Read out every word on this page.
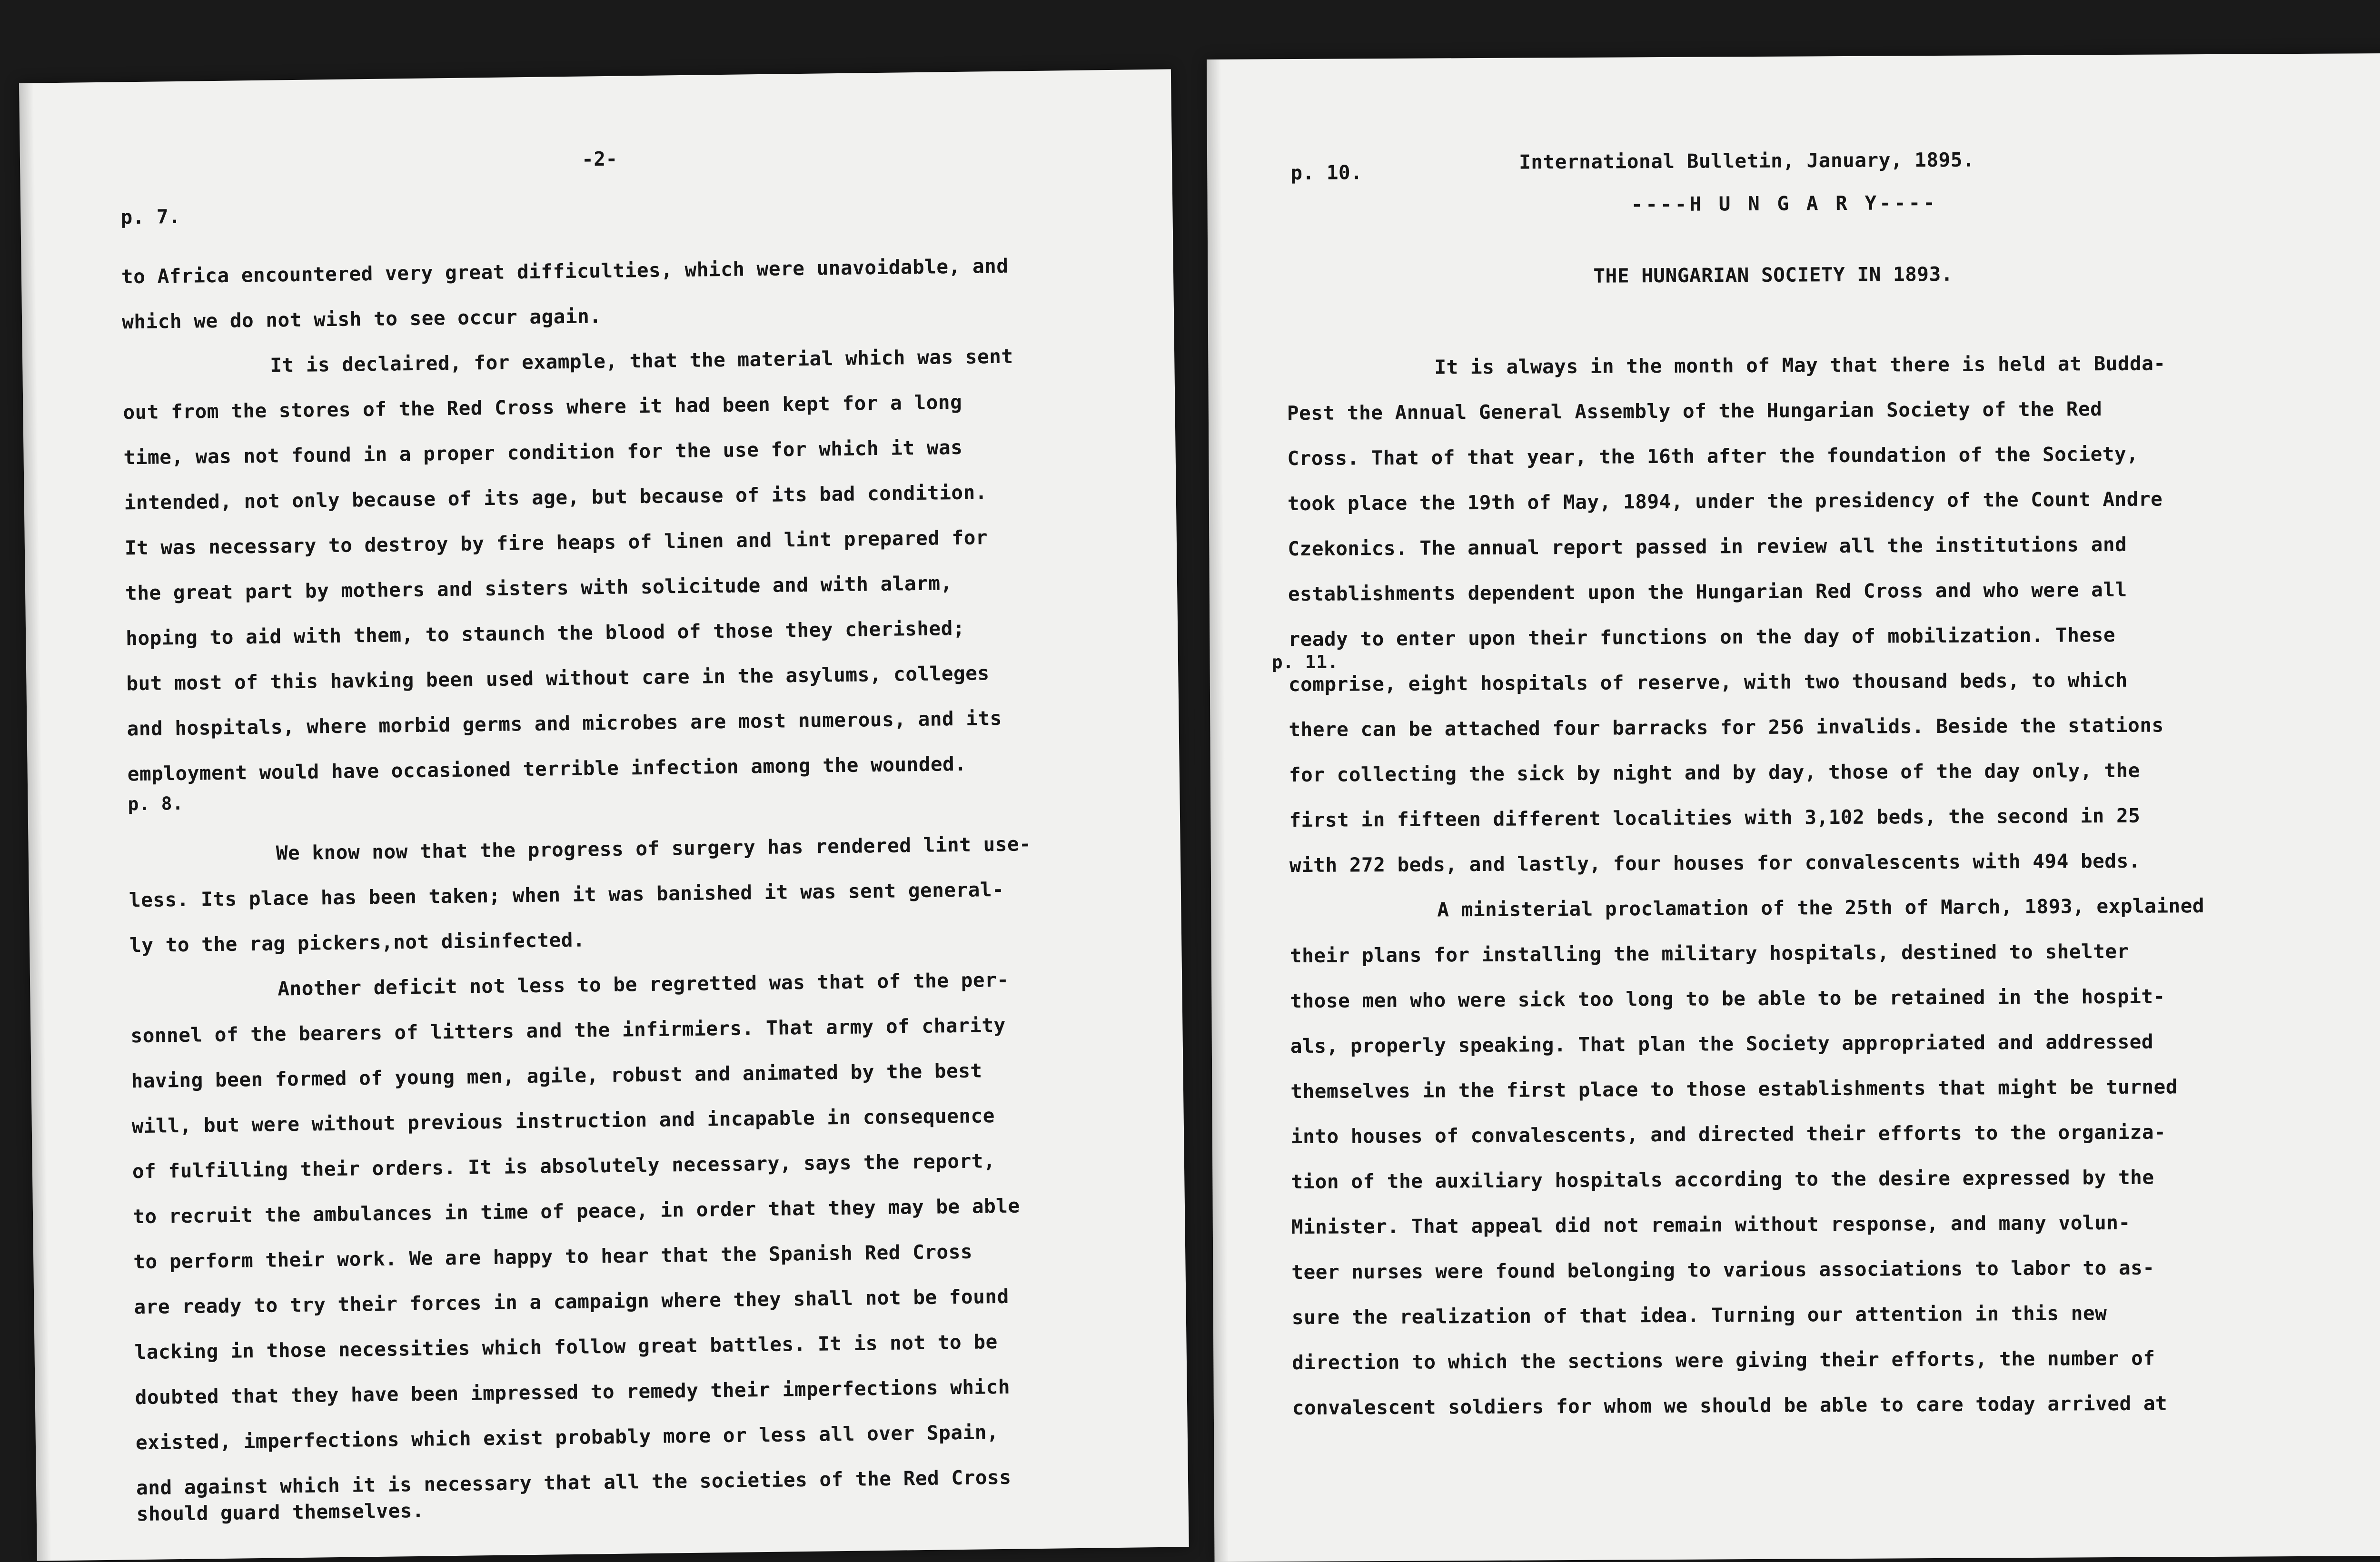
-2-
p. 7.
to Africa encountered very great difficulties, which were unavoidable, and
which we do not wish to see occur again.
It is declaired, for example, that the material which was sent
out from the stores of the Red Cross where it had been kept for a long
time, was not found in a proper condition for the use for which it was
intended, not only because of its age, but because of its bad condition.
It was necessary to destroy by fire heaps of linen and lint prepared for
the great part by mothers and sisters with solicitude and with alarm,
hoping to aid with them, to staunch the blood of those they cherished;
but most of this havking been used without care in the asylums, colleges
and hospitals, where morbid germs and microbes are most numerous, and its
employment would have occasioned terrible infection among the wounded.
p. 8.
We know now that the progress of surgery has rendered lint use-
less. Its place has been taken; when it was banished it was sent general-
ly to the rag pickers,not disinfected.
Another deficit not less to be regretted was that of the per-
sonnel of the bearers of litters and the infirmiers. That army of charity
having been formed of young men, agile, robust and animated by the best
will, but were without previous instruction and incapable in consequence
of fulfilling their orders. It is absolutely necessary, says the report,
to recruit the ambulances in time of peace, in order that they may be able
to perform their work. We are happy to hear that the Spanish Red Cross
are ready to try their forces in a campaign where they shall not be found
lacking in those necessities which follow great battles. It is not to be
doubted that they have been impressed to remedy their imperfections which
existed, imperfections which exist probably more or less all over Spain,
and against which it is necessary that all the societies of the Red Cross
should guard themselves.
p. 10.	International Bulletin, January, 1895.
----H U N G A R Y----
THE HUNGARIAN SOCIETY IN 1893.
It is always in the month of May that there is held at Budda-
Pest the Annual General Assembly of the Hungarian Society of the Red
Cross. That of that year, the 16th after the foundation of the Society,
took place the 19th of May, 1894, under the presidency of the Count Andre
Czekonics. The annual report passed in review all the institutions and
establishments dependent upon the Hungarian Red Cross and who were all
ready to enter upon their functions on the day of mobilization. These
p. 11.
comprise, eight hospitals of reserve, with two thousand beds, to which
there can be attached four barracks for 256 invalids. Beside the stations
for collecting the sick by night and by day, those of the day only, the
first in fifteen different localities with 3,102 beds, the second in 25
with 272 beds, and lastly, four houses for convalescents with 494 beds.
A ministerial proclamation of the 25th of March, 1893, explained
their plans for installing the military hospitals, destined to shelter
those men who were sick too long to be able to be retained in the hospit-
als, properly speaking. That plan the Society appropriated and addressed
themselves in the first place to those establishments that might be turned
into houses of convalescents, and directed their efforts to the organiza-
tion of the auxiliary hospitals according to the desire expressed by the
Minister. That appeal did not remain without response, and many volun-
teer nurses were found belonging to various associations to labor to as-
sure the realization of that idea. Turning our attention in this new
direction to which the sections were giving their efforts, the number of
convalescent soldiers for whom we should be able to care today arrived at
